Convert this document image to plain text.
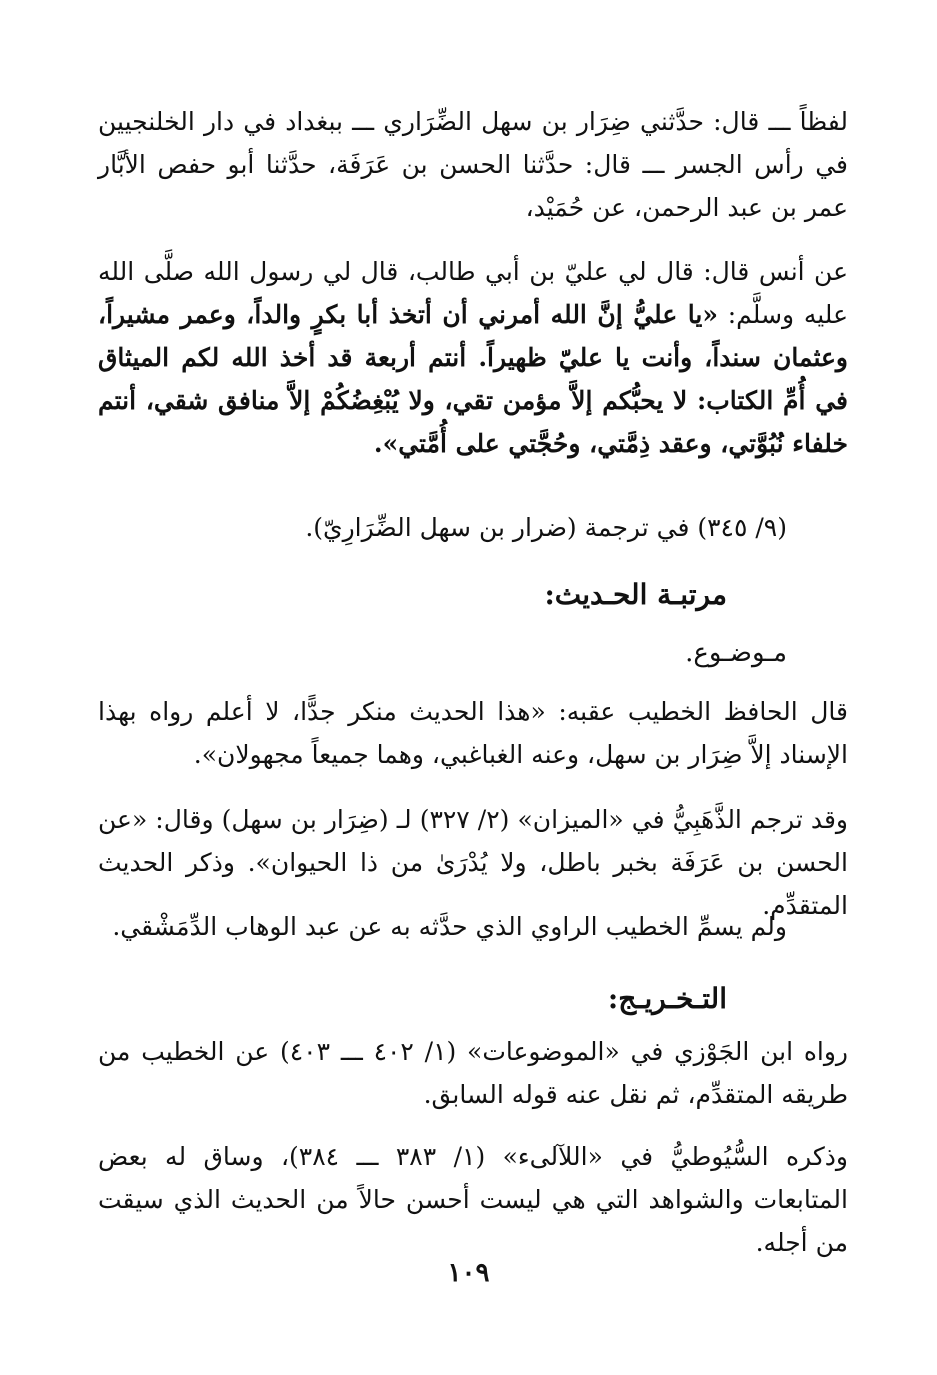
لفظاً ـــ قال: حدَّثني ضِرَار بن سهل الضِّرَاري ـــ ببغداد في دار الخلنجيين في رأس الجسر ـــ قال: حدَّثنا الحسن بن عَرَفَة، حدَّثنا أبو حفص الأبَّار عمر بن عبد الرحمن، عن حُمَيْد،

عن أنس قال: قال لي عليّ بن أبي طالب، قال لي رسول الله صلَّى الله عليه وسلَّم: «يا عليُّ إنَّ الله أمرني أن أتخذ أبا بكرٍ والداً، وعمر مشيراً، وعثمان سنداً، وأنت يا عليّ ظهيراً. أنتم أربعة قد أخذ الله لكم الميثاق في أُمِّ الكتاب: لا يحبُّكم إلاَّ مؤمن تقي، ولا يُبْغِضُكُمْ إلاَّ منافق شقي، أنتم خلفاء نُبُوَّتي، وعقد ذِمَّتي، وحُجَّتي على أُمَّتي».

(٩/ ٣٤٥) في ترجمة (ضرار بن سهل الضِّرَارِيّ).
مرتبـة الحـديث:
مـوضـوع.

قال الحافظ الخطيب عقبه: «هذا الحديث منكر جدًّا، لا أعلم رواه بهذا الإسناد إلاَّ ضِرَار بن سهل، وعنه الغباغبي، وهما جميعاً مجهولان».

وقد ترجم الذَّهَبِيُّ في «الميزان» (٢/ ٣٢٧) لـ (ضِرَار بن سهل) وقال: «عن الحسن بن عَرَفَة بخبر باطل، ولا يُدْرَىٰ من ذا الحيوان». وذكر الحديث المتقدِّم.

ولم يسمِّ الخطيب الراوي الذي حدَّثه به عن عبد الوهاب الدِّمَشْقي.
التـخـريـج:

رواه ابن الجَوْزي في «الموضوعات» (١/ ٤٠٢ ـــ ٤٠٣) عن الخطيب من طريقه المتقدِّم، ثم نقل عنه قوله السابق.

وذكره السُّيُوطيُّ في «اللآلىء» (١/ ٣٨٣ ـــ ٣٨٤)، وساق له بعض المتابعات والشواهد التي هي ليست أحسن حالاً من الحديث الذي سيقت من أجله.

١٠٩
